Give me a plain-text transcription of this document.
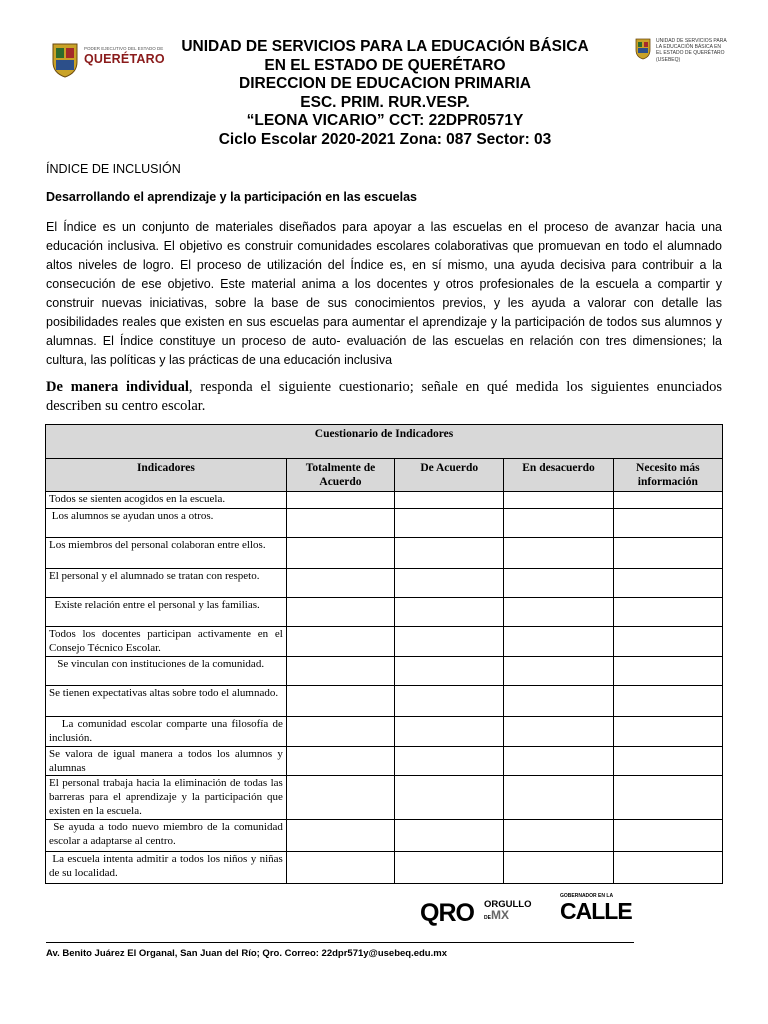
PODER EJECUTIVO DEL ESTADO DE
QUERÉTARO
UNIDAD DE SERVICIOS PARA
LA EDUCACIÓN BÁSICA EN
EL ESTADO DE QUERÉTARO
(USEBEQ)
UNIDAD DE SERVICIOS PARA LA EDUCACIÓN BÁSICA
EN EL ESTADO DE QUERÉTARO
DIRECCION DE EDUCACION PRIMARIA
ESC. PRIM. RUR.VESP.
“LEONA VICARIO” CCT: 22DPR0571Y
Ciclo Escolar 2020-2021 Zona: 087 Sector: 03
ÍNDICE DE INCLUSIÓN
Desarrollando el aprendizaje y la participación en las escuelas
El Índice es un conjunto de materiales diseñados para apoyar a las escuelas en el proceso de avanzar hacia una educación inclusiva. El objetivo es construir comunidades escolares colaborativas que promuevan en todo el alumnado altos niveles de logro. El proceso de utilización del Índice es, en sí mismo, una ayuda decisiva para contribuir a la consecución de ese objetivo. Este material anima a los docentes y otros profesionales de la escuela a compartir y construir nuevas iniciativas, sobre la base de sus conocimientos previos, y les ayuda a valorar con detalle las posibilidades reales que existen en sus escuelas para aumentar el aprendizaje y la participación de todos sus alumnos y alumnas. El Índice constituye un proceso de auto- evaluación de las escuelas en relación con tres dimensiones; la cultura, las políticas y las prácticas de una educación inclusiva
De manera individual, responda el siguiente cuestionario; señale en qué medida los siguientes enunciados describen su centro escolar.
Cuestionario de Indicadores				
Indicadores	Totalmente de Acuerdo	De Acuerdo	En desacuerdo	Necesito más información
Todos se sienten acogidos en la escuela.				
Los alumnos se ayudan unos a otros.				
Los miembros del personal colaboran entre ellos.				
El personal y el alumnado se tratan con respeto.				
Existe relación entre el personal y las familias.				
Todos los docentes participan activamente en el Consejo Técnico Escolar.				
Se vinculan con instituciones de la comunidad.				
Se tienen expectativas altas sobre todo el alumnado.				
La comunidad escolar comparte una filosofía de inclusión.				
Se valora de igual manera a todos los alumnos y alumnas				
El personal trabaja hacia la eliminación de todas las barreras para el aprendizaje y la participación que existen en la escuela.				
Se ayuda a todo nuevo miembro de la comunidad escolar a adaptarse al centro.				
La escuela intenta admitir a todos los niños y niñas de su localidad.				
QRO ORGULLO
DEMX
GOBERNADOR EN LA
CALLE
Av. Benito Juárez El Organal, San Juan del Río; Qro. Correo: 22dpr571y@usebeq.edu.mx
